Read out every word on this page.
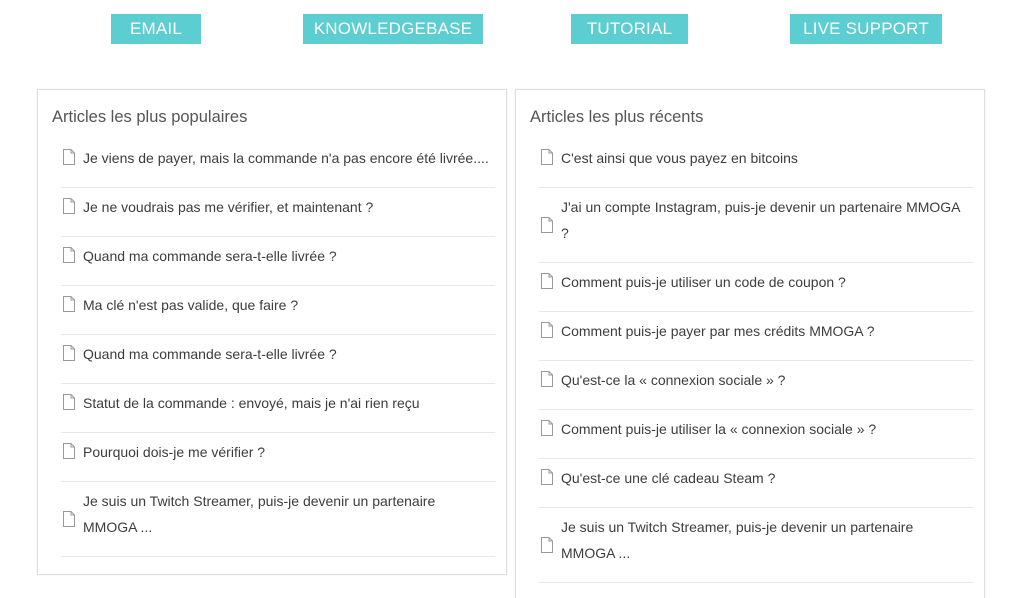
EMAIL	KNOWLEDGEBASE	TUTORIAL	LIVE SUPPORT
Articles les plus populaires
Je viens de payer, mais la commande n'a pas encore été livrée....
Je ne voudrais pas me vérifier, et maintenant ?
Quand ma commande sera-t-elle livrée ?
Ma clé n'est pas valide, que faire ?
Quand ma commande sera-t-elle livrée ?
Statut de la commande : envoyé, mais je n'ai rien reçu
Pourquoi dois-je me vérifier ?
Je suis un Twitch Streamer, puis-je devenir un partenaire MMOGA ...
Articles les plus récents
C'est ainsi que vous payez en bitcoins
J'ai un compte Instagram, puis-je devenir un partenaire MMOGA ?
Comment puis-je utiliser un code de coupon ?
Comment puis-je payer par mes crédits MMOGA ?
Qu'est-ce la « connexion sociale » ?
Comment puis-je utiliser la « connexion sociale » ?
Qu'est-ce une clé cadeau Steam ?
Je suis un Twitch Streamer, puis-je devenir un partenaire MMOGA ...
